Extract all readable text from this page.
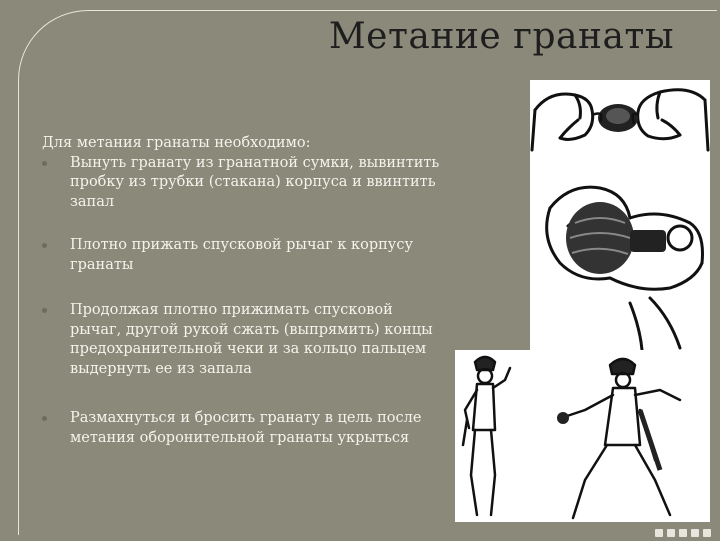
Метание гранаты

Для метания гранаты необходимо:

Вынуть гранату из гранатной сумки, вывинтить пробку из трубки (стакана) корпуса и ввинтить запал

Плотно прижать спусковой рычаг к корпусу гранаты

Продолжая плотно прижимать спусковой рычаг, другой рукой сжать (выпрямить) концы предохранительной чеки и за кольцо пальцем выдернуть ее из запала

Размахнуться и бросить гранату в цель после метания оборонительной гранаты укрыться
